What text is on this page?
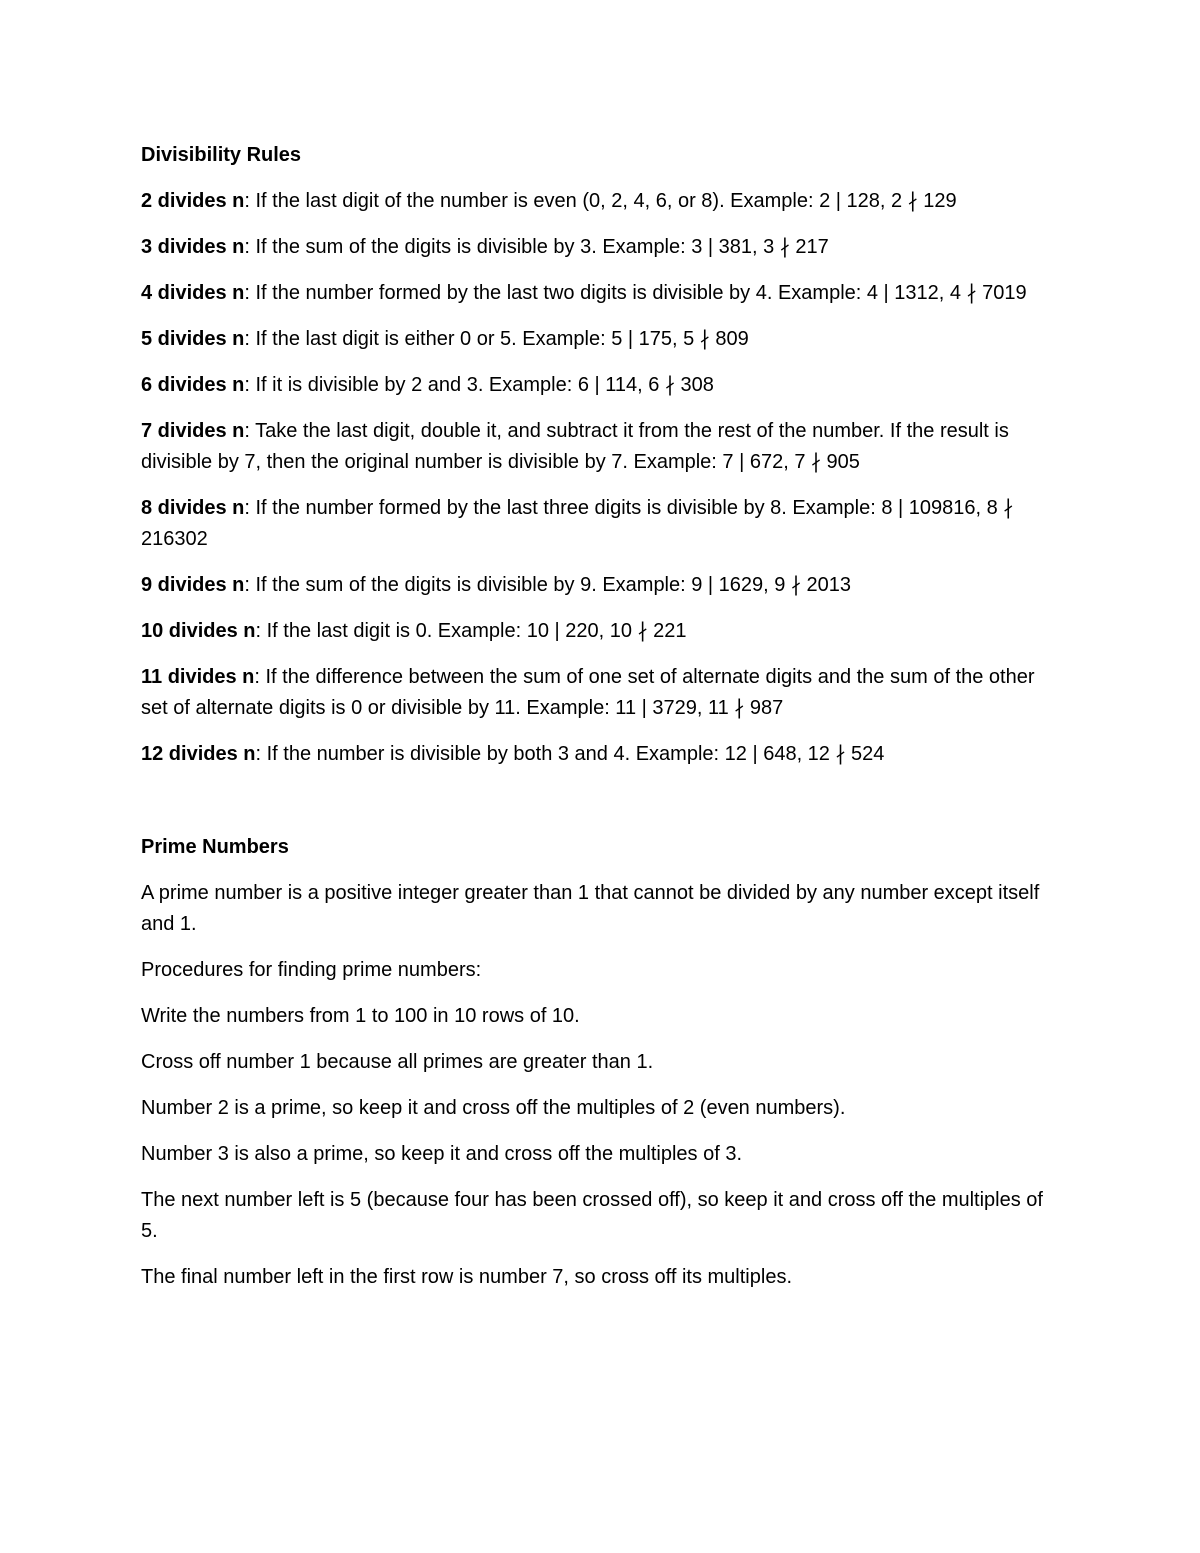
Divisibility Rules
2 divides n: If the last digit of the number is even (0, 2, 4, 6, or 8). Example: 2 | 128, 2 ∤ 129
3 divides n: If the sum of the digits is divisible by 3. Example: 3 | 381, 3 ∤ 217
4 divides n: If the number formed by the last two digits is divisible by 4. Example: 4 | 1312, 4 ∤ 7019
5 divides n: If the last digit is either 0 or 5. Example: 5 | 175, 5 ∤ 809
6 divides n: If it is divisible by 2 and 3. Example: 6 | 114, 6 ∤ 308
7 divides n: Take the last digit, double it, and subtract it from the rest of the number. If the result is divisible by 7, then the original number is divisible by 7. Example: 7 | 672, 7 ∤ 905
8 divides n: If the number formed by the last three digits is divisible by 8. Example: 8 | 109816, 8 ∤ 216302
9 divides n: If the sum of the digits is divisible by 9. Example: 9 | 1629, 9 ∤ 2013
10 divides n: If the last digit is 0. Example: 10 | 220, 10 ∤ 221
11 divides n: If the difference between the sum of one set of alternate digits and the sum of the other set of alternate digits is 0 or divisible by 11. Example: 11 | 3729, 11 ∤ 987
12 divides n: If the number is divisible by both 3 and 4. Example: 12 | 648, 12 ∤ 524
Prime Numbers
A prime number is a positive integer greater than 1 that cannot be divided by any number except itself and 1.
Procedures for finding prime numbers:
Write the numbers from 1 to 100 in 10 rows of 10.
Cross off number 1 because all primes are greater than 1.
Number 2 is a prime, so keep it and cross off the multiples of 2 (even numbers).
Number 3 is also a prime, so keep it and cross off the multiples of 3.
The next number left is 5 (because four has been crossed off), so keep it and cross off the multiples of 5.
The final number left in the first row is number 7, so cross off its multiples.
